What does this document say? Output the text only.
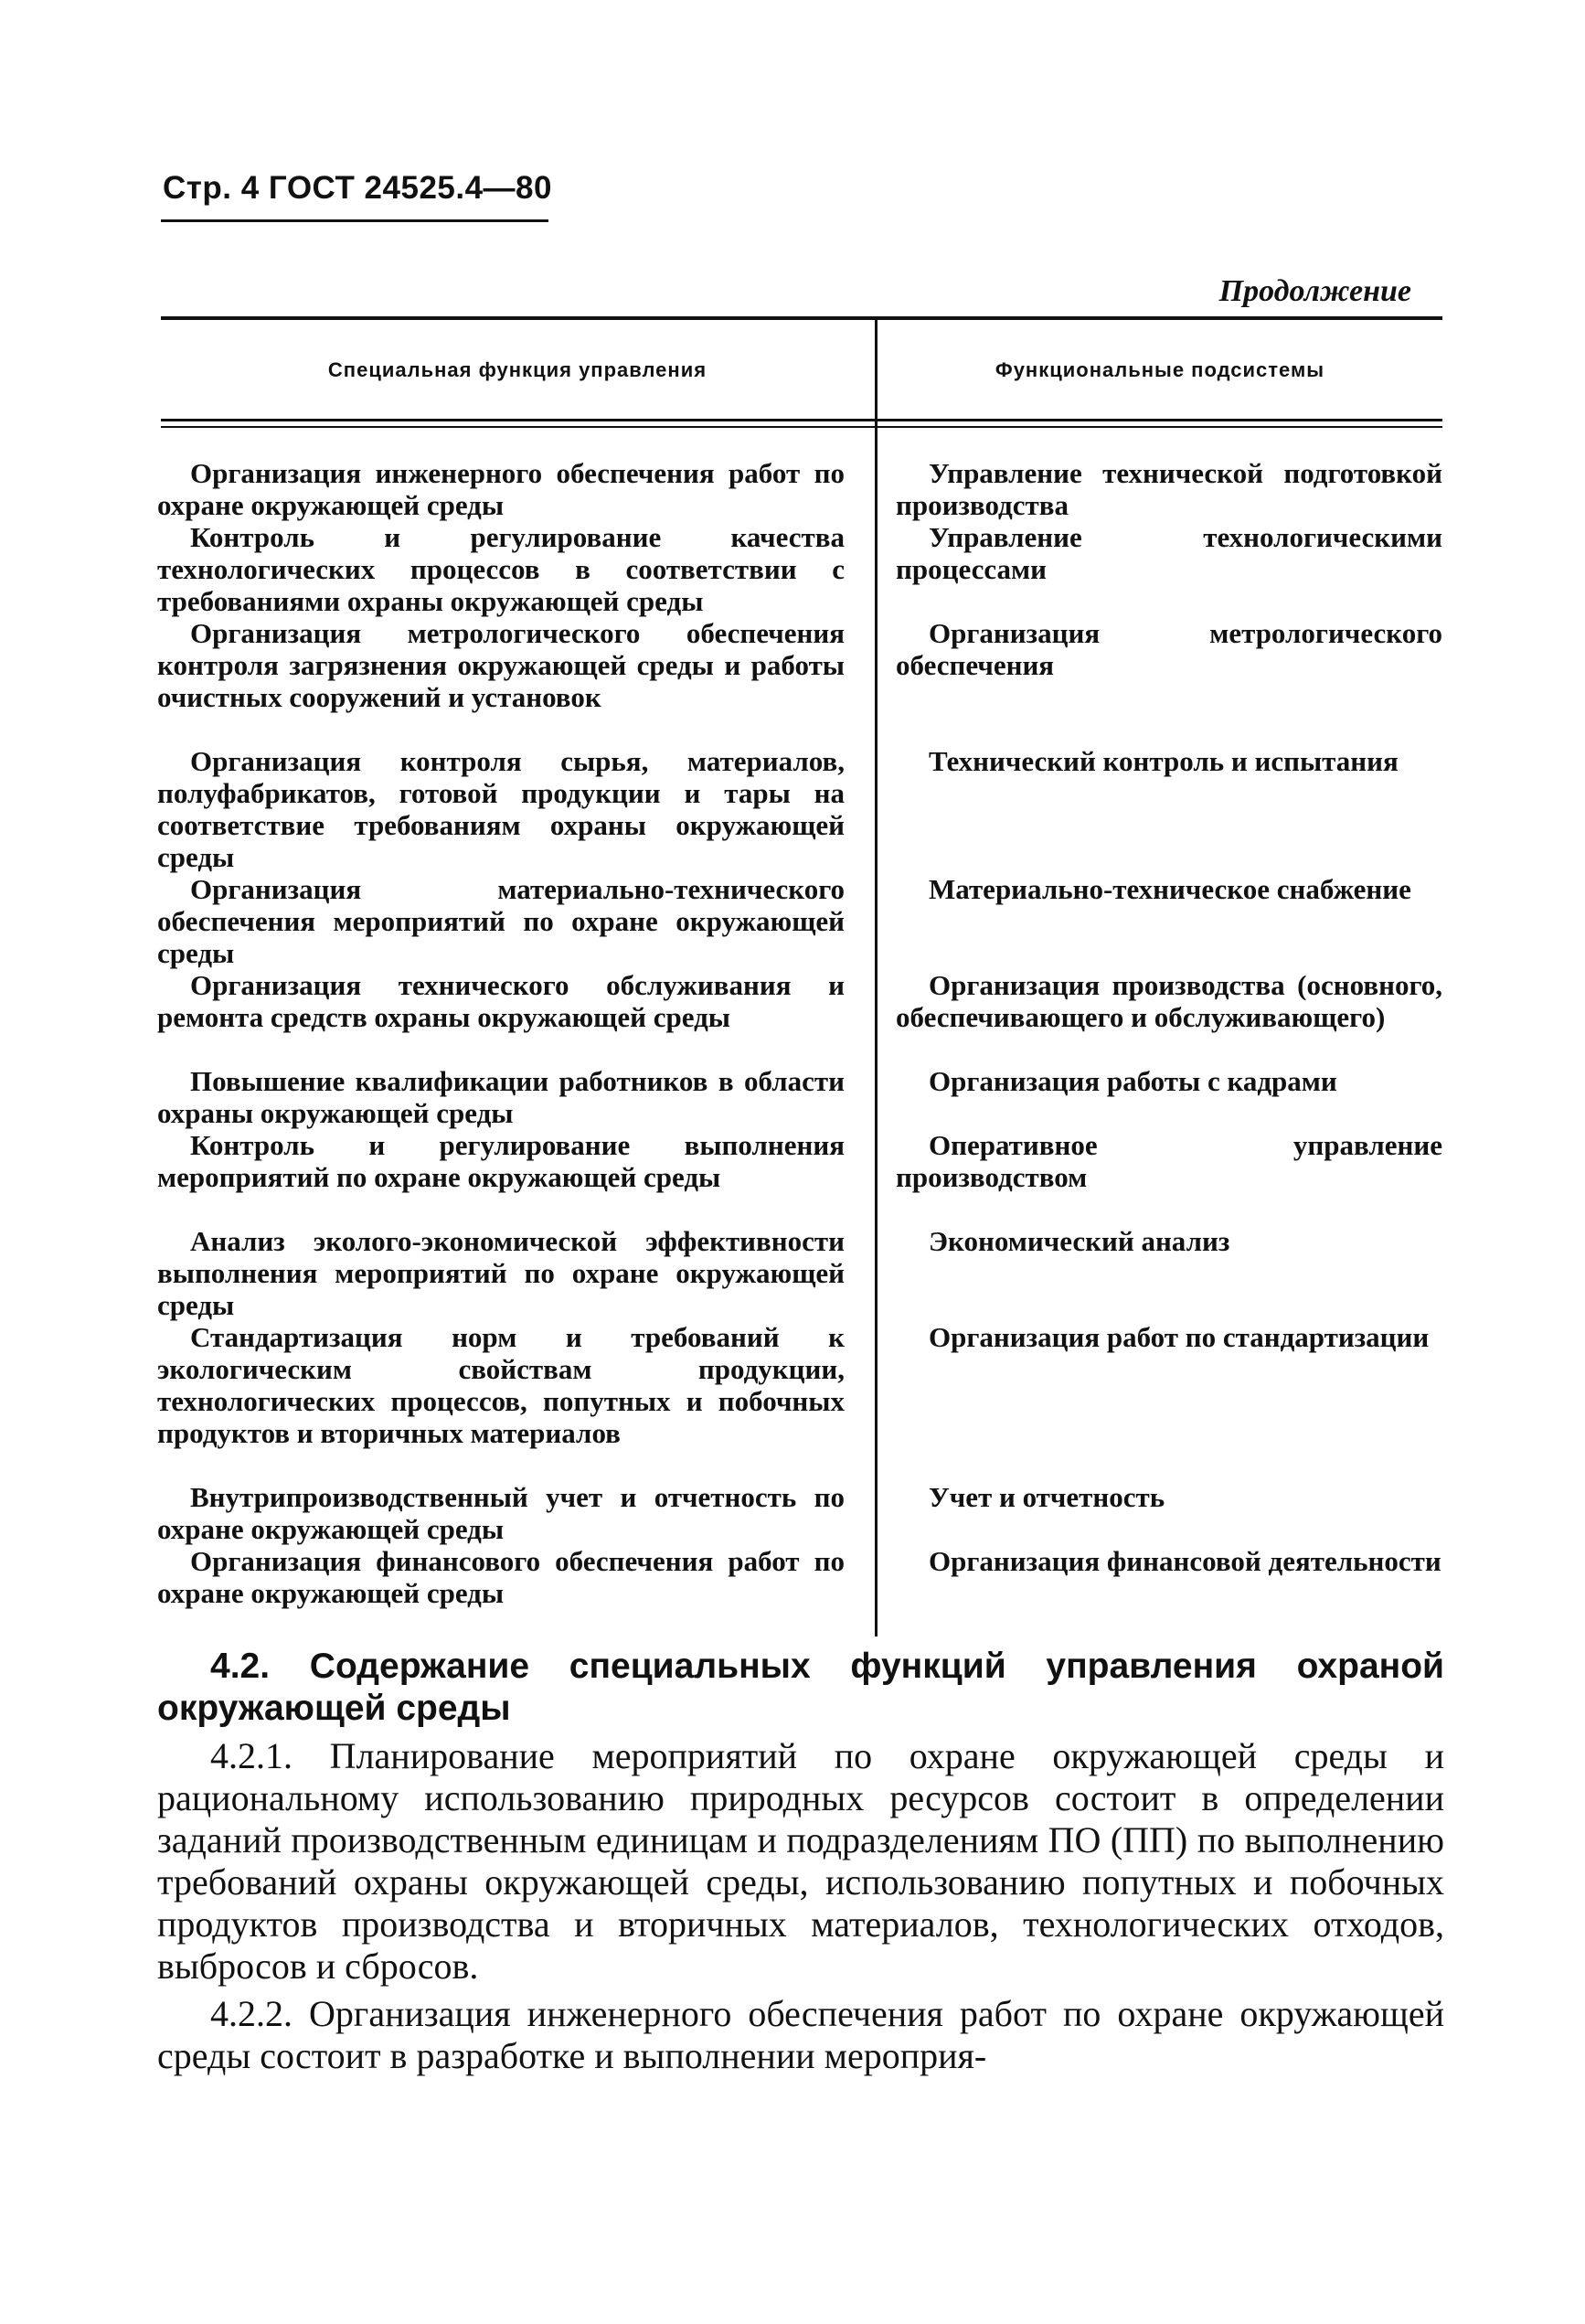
Стр. 4 ГОСТ 24525.4—80
Продолжение
Специальная функция управления	Функциональные подсистемы
Организация инженерного обеспечения работ по охране окружающей среды
Управление технической подготовкой производства
Контроль и регулирование качества технологических процессов в соответствии с требованиями охраны окружающей среды
Управление технологическими процессами
Организация метрологического обеспечения контроля загрязнения окружающей среды и работы очистных сооружений и установок
Организация метрологического обеспечения
Организация контроля сырья, материалов, полуфабрикатов, готовой продукции и тары на соответствие требованиям охраны окружающей среды
Технический контроль и испытания
Организация материально-технического обеспечения мероприятий по охране окружающей среды
Материально-техническое снабжение
Организация технического обслуживания и ремонта средств охраны окружающей среды
Организация производства (основного, обеспечивающего и обслуживающего)
Повышение квалификации работников в области охраны окружающей среды
Организация работы с кадрами
Контроль и регулирование выполнения мероприятий по охране окружающей среды
Оперативное управление производством
Анализ эколого-экономической эффективности выполнения мероприятий по охране окружающей среды
Экономический анализ
Стандартизация норм и требований к экологическим свойствам продукции, технологических процессов, попутных и побочных продуктов и вторичных материалов
Организация работ по стандартизации
Внутрипроизводственный учет и отчетность по охране окружающей среды
Учет и отчетность
Организация финансового обеспечения работ по охране окружающей среды
Организация финансовой деятельности
4.2. Содержание специальных функций управления охраной окружающей среды
4.2.1. Планирование мероприятий по охране окружающей среды и рациональному использованию природных ресурсов состоит в определении заданий производственным единицам и подразделениям ПО (ПП) по выполнению требований охраны окружающей среды, использованию попутных и побочных продуктов производства и вторичных материалов, технологических отходов, выбросов и сбросов.
4.2.2. Организация инженерного обеспечения работ по охране окружающей среды состоит в разработке и выполнении мероприя-
